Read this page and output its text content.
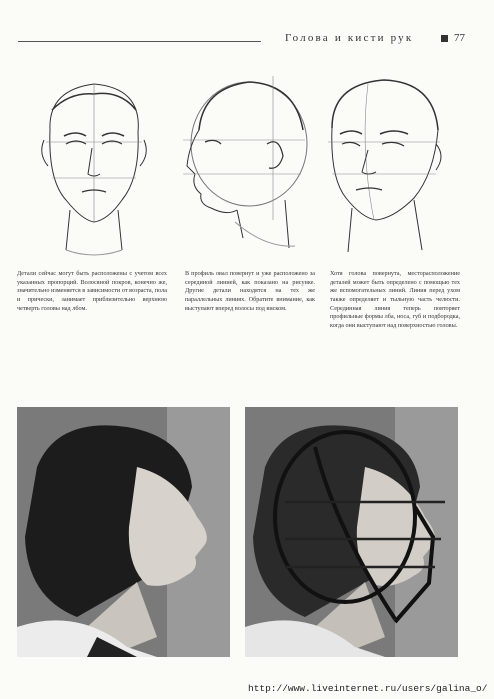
Голова и кисти рук	77

Детали сейчас могут быть расположены с учетом всех указанных пропорций. Волосяной покров, конечно же, значительно изменяется в зависимости от возраста, пола и прически, занимает приблизительно верхнюю четверть головы над лбом.

В профиль овал повернут и уже расположено за серединой линией, как показано на рисунке. Другие детали находятся на тех же параллельных линиях. Обратите внимание, как выступают вперед волосы под виском.

Хотя голова повернута, месторасположение деталей может быть определено с помощью тех же вспомогательных линий. Линия перед ухом также определяет и тыльную часть челюсти. Серединная линия теперь повторяет профильные формы лба, носа, губ и подбородка, когда они выступают над поверхностью головы.

http://www.liveinternet.ru/users/galina_o/
